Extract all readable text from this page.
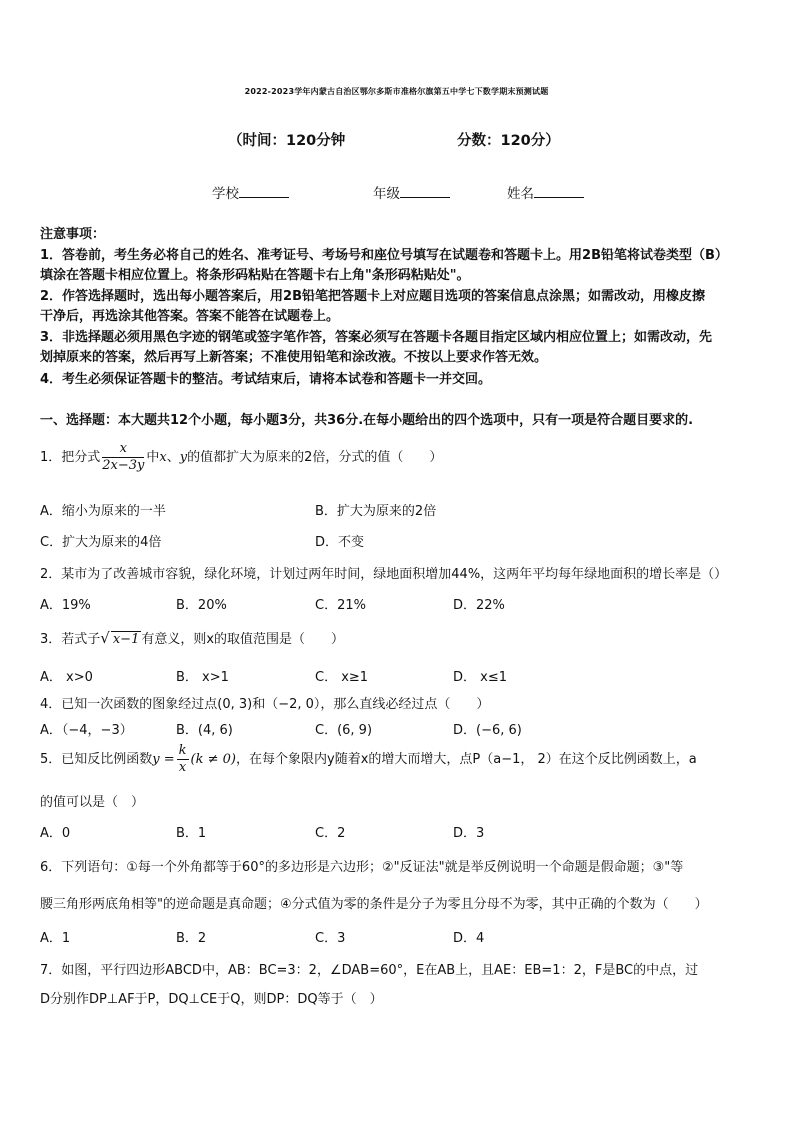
2022-2023学年内蒙古自治区鄂尔多斯市准格尔旗第五中学七下数学期末预测试题
（时间：120分钟	分数：120分）
学校	年级	姓名
注意事项：
1．答卷前，考生务必将自己的姓名、准考证号、考场号和座位号填写在试题卷和答题卡上。用2B铅笔将试卷类型（B）
填涂在答题卡相应位置上。将条形码粘贴在答题卡右上角"条形码粘贴处"。
2．作答选择题时，选出每小题答案后，用2B铅笔把答题卡上对应题目选项的答案信息点涂黑；如需改动，用橡皮擦
干净后，再选涂其他答案。答案不能答在试题卷上。
3．非选择题必须用黑色字迹的钢笔或签字笔作答，答案必须写在答题卡各题目指定区域内相应位置上；如需改动，先
划掉原来的答案，然后再写上新答案；不准使用铅笔和涂改液。不按以上要求作答无效。
4．考生必须保证答题卡的整洁。考试结束后，请将本试卷和答题卡一并交回。
一、选择题：本大题共12个小题，每小题3分，共36分.在每小题给出的四个选项中，只有一项是符合题目要求的.
1．把分式 $\frac{x}{2x-3y}$ 中x、y的值都扩大为原来的2倍，分式的值（　　）
A．缩小为原来的一半	B．扩大为原来的2倍
C．扩大为原来的4倍	D．不变
2．某市为了改善城市容貌，绿化环境，计划过两年时间，绿地面积增加44%，这两年平均每年绿地面积的增长率是（）
A．19%	B．20%	C．21%	D．22%
3．若式子√ x−1 有意义，则x的取值范围是（　　）
A． x>0	B． x>1	C． x≥1	D． x≤1
4．已知一次函数的图象经过点(0, 3)和（−2, 0），那么直线必经过点（　　）
A．（−4，−3）	B．(4, 6)	C．(6, 9)	D．(−6, 6)
5．已知反比例函数$y = \frac{k}{x} (k \ne 0)$，在每个象限内y随着x的增大而增大，点P（a−1， 2）在这个反比例函数上，a
的值可以是（　）
A．0	B．1	C．2	D．3
6．下列语句：①每一个外角都等于60°的多边形是六边形；②"反证法"就是举反例说明一个命题是假命题；③"等
腰三角形两底角相等"的逆命题是真命题；④分式值为零的条件是分子为零且分母不为零，其中正确的个数为（　　）
A．1	B．2	C．3	D．4
7．如图，平行四边形ABCD中，AB：BC=3：2，∠DAB=60°，E在AB上，且AE：EB=1：2，F是BC的中点，过
D分别作DP⊥AF于P，DQ⊥CE于Q，则DP：DQ等于（　）
